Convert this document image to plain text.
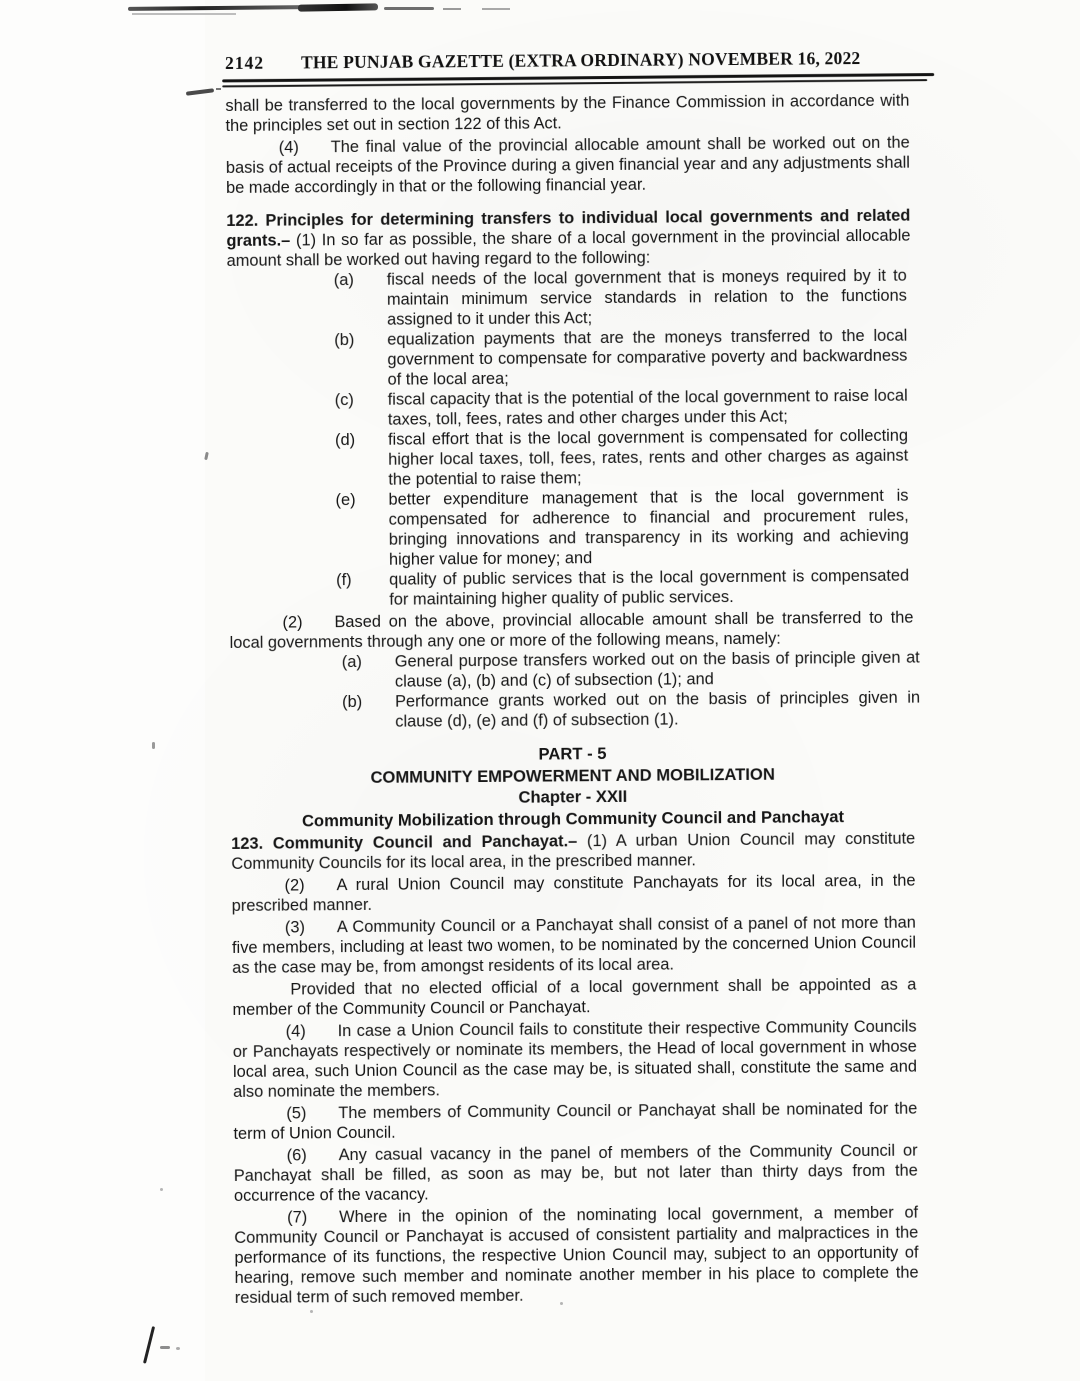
2142	THE PUNJAB GAZETTE (EXTRA ORDINARY) NOVEMBER 16, 2022

shall be transferred to the local governments by the Finance Commission in accordance with the principles set out in section 122 of this Act.

(4) The final value of the provincial allocable amount shall be worked out on the basis of actual receipts of the Province during a given financial year and any adjustments shall be made accordingly in that or the following financial year.

122. Principles for determining transfers to individual local governments and related grants.– (1) In so far as possible, the share of a local government in the provincial allocable amount shall be worked out having regard to the following:

(a)	fiscal needs of the local government that is moneys required by it to maintain minimum service standards in relation to the functions assigned to it under this Act;

(b)	equalization payments that are the moneys transferred to the local government to compensate for comparative poverty and backwardness of the local area;

(c)	fiscal capacity that is the potential of the local government to raise local taxes, toll, fees, rates and other charges under this Act;

(d)	fiscal effort that is the local government is compensated for collecting higher local taxes, toll, fees, rates, rents and other charges as against the potential to raise them;

(e)	better expenditure management that is the local government is compensated for adherence to financial and procurement rules, bringing innovations and transparency in its working and achieving higher value for money; and

(f)	quality of public services that is the local government is compensated for maintaining higher quality of public services.

(2) Based on the above, provincial allocable amount shall be transferred to the local governments through any one or more of the following means, namely:

(a)	General purpose transfers worked out on the basis of principle given at clause (a), (b) and (c) of subsection (1); and

(b)	Performance grants worked out on the basis of principles given in clause (d), (e) and (f) of subsection (1).

PART - 5

COMMUNITY EMPOWERMENT AND MOBILIZATION

Chapter - XXII

Community Mobilization through Community Council and Panchayat

123. Community Council and Panchayat.– (1) A urban Union Council may constitute Community Councils for its local area, in the prescribed manner.

(2) A rural Union Council may constitute Panchayats for its local area, in the prescribed manner.

(3) A Community Council or a Panchayat shall consist of a panel of not more than five members, including at least two women, to be nominated by the concerned Union Council as the case may be, from amongst residents of its local area.

Provided that no elected official of a local government shall be appointed as a member of the Community Council or Panchayat.

(4) In case a Union Council fails to constitute their respective Community Councils or Panchayats respectively or nominate its members, the Head of local government in whose local area, such Union Council as the case may be, is situated shall, constitute the same and also nominate the members.

(5) The members of Community Council or Panchayat shall be nominated for the term of Union Council.

(6) Any casual vacancy in the panel of members of the Community Council or Panchayat shall be filled, as soon as may be, but not later than thirty days from the occurrence of the vacancy.

(7) Where in the opinion of the nominating local government, a member of Community Council or Panchayat is accused of consistent partiality and malpractices in the performance of its functions, the respective Union Council may, subject to an opportunity of hearing, remove such member and nominate another member in his place to complete the residual term of such removed member.
